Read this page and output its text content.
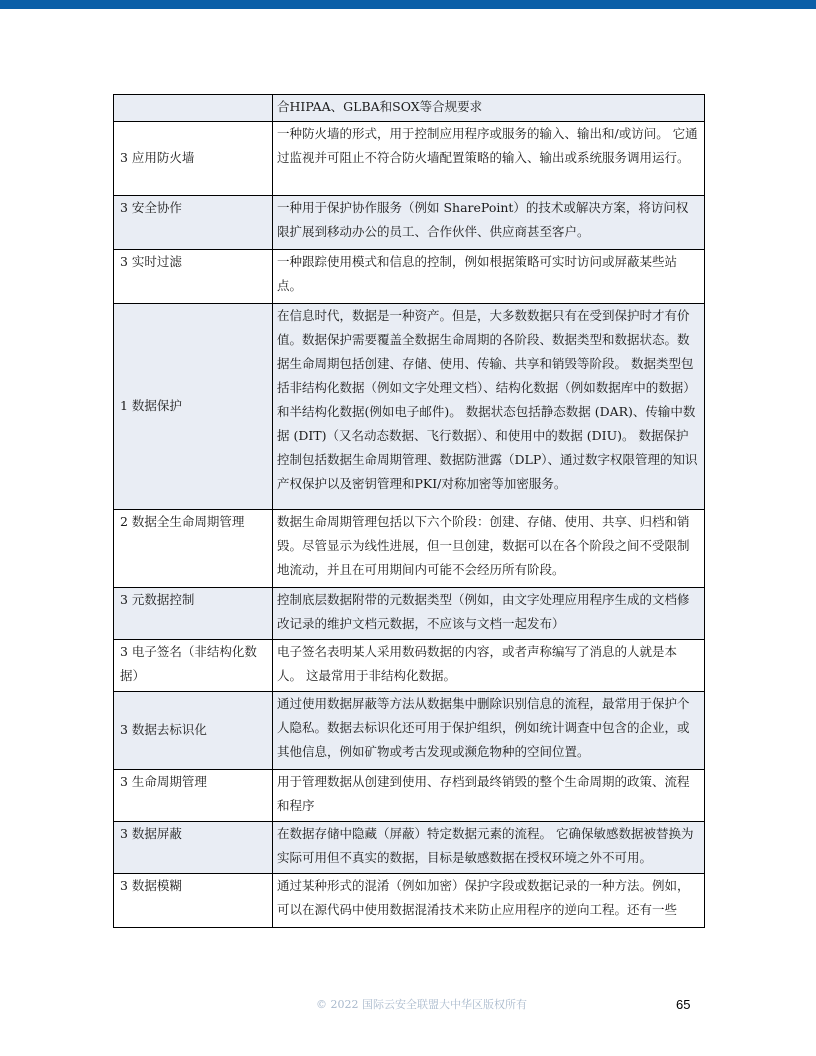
	合HIPAA、GLBA和SOX等合规要求
3 应用防火墙	一种防火墙的形式，用于控制应用程序或服务的输入、输出和/或访问。 它通过监视并可阻止不符合防火墙配置策略的输入、输出或系统服务调用运行。
3 安全协作	一种用于保护协作服务（例如 SharePoint）的技术或解决方案，将访问权限扩展到移动办公的员工、合作伙伴、供应商甚至客户。
3 实时过滤	一种跟踪使用模式和信息的控制，例如根据策略可实时访问或屏蔽某些站点。
1 数据保护	在信息时代，数据是一种资产。但是，大多数数据只有在受到保护时才有价值。数据保护需要覆盖全数据生命周期的各阶段、数据类型和数据状态。数据生命周期包括创建、存储、使用、传输、共享和销毁等阶段。 数据类型包括非结构化数据（例如文字处理文档）、结构化数据（例如数据库中的数据）和半结构化数据(例如电子邮件)。 数据状态包括静态数据 (DAR)、传输中数据 (DIT)（又名动态数据、飞行数据）、和使用中的数据 (DIU)。 数据保护控制包括数据生命周期管理、数据防泄露（DLP）、通过数字权限管理的知识产权保护以及密钥管理和PKI/对称加密等加密服务。
2 数据全生命周期管理	数据生命周期管理包括以下六个阶段：创建、存储、使用、共享、归档和销毁。尽管显示为线性进展，但一旦创建，数据可以在各个阶段之间不受限制地流动，并且在可用期间内可能不会经历所有阶段。
3 元数据控制	控制底层数据附带的元数据类型（例如，由文字处理应用程序生成的文档修改记录的维护文档元数据，不应该与文档一起发布）
3 电子签名（非结构化数据）	电子签名表明某人采用数码数据的内容，或者声称编写了消息的人就是本人。 这最常用于非结构化数据。
3 数据去标识化	通过使用数据屏蔽等方法从数据集中删除识别信息的流程，最常用于保护个人隐私。数据去标识化还可用于保护组织，例如统计调查中包含的企业，或其他信息，例如矿物或考古发现或濒危物种的空间位置。
3 生命周期管理	用于管理数据从创建到使用、存档到最终销毁的整个生命周期的政策、流程和程序
3 数据屏蔽	在数据存储中隐藏（屏蔽）特定数据元素的流程。 它确保敏感数据被替换为实际可用但不真实的数据，目标是敏感数据在授权环境之外不可用。
3 数据模糊	通过某种形式的混淆（例如加密）保护字段或数据记录的一种方法。例如，可以在源代码中使用数据混淆技术来防止应用程序的逆向工程。还有一些
© 2022 国际云安全联盟大中华区版权所有	65
